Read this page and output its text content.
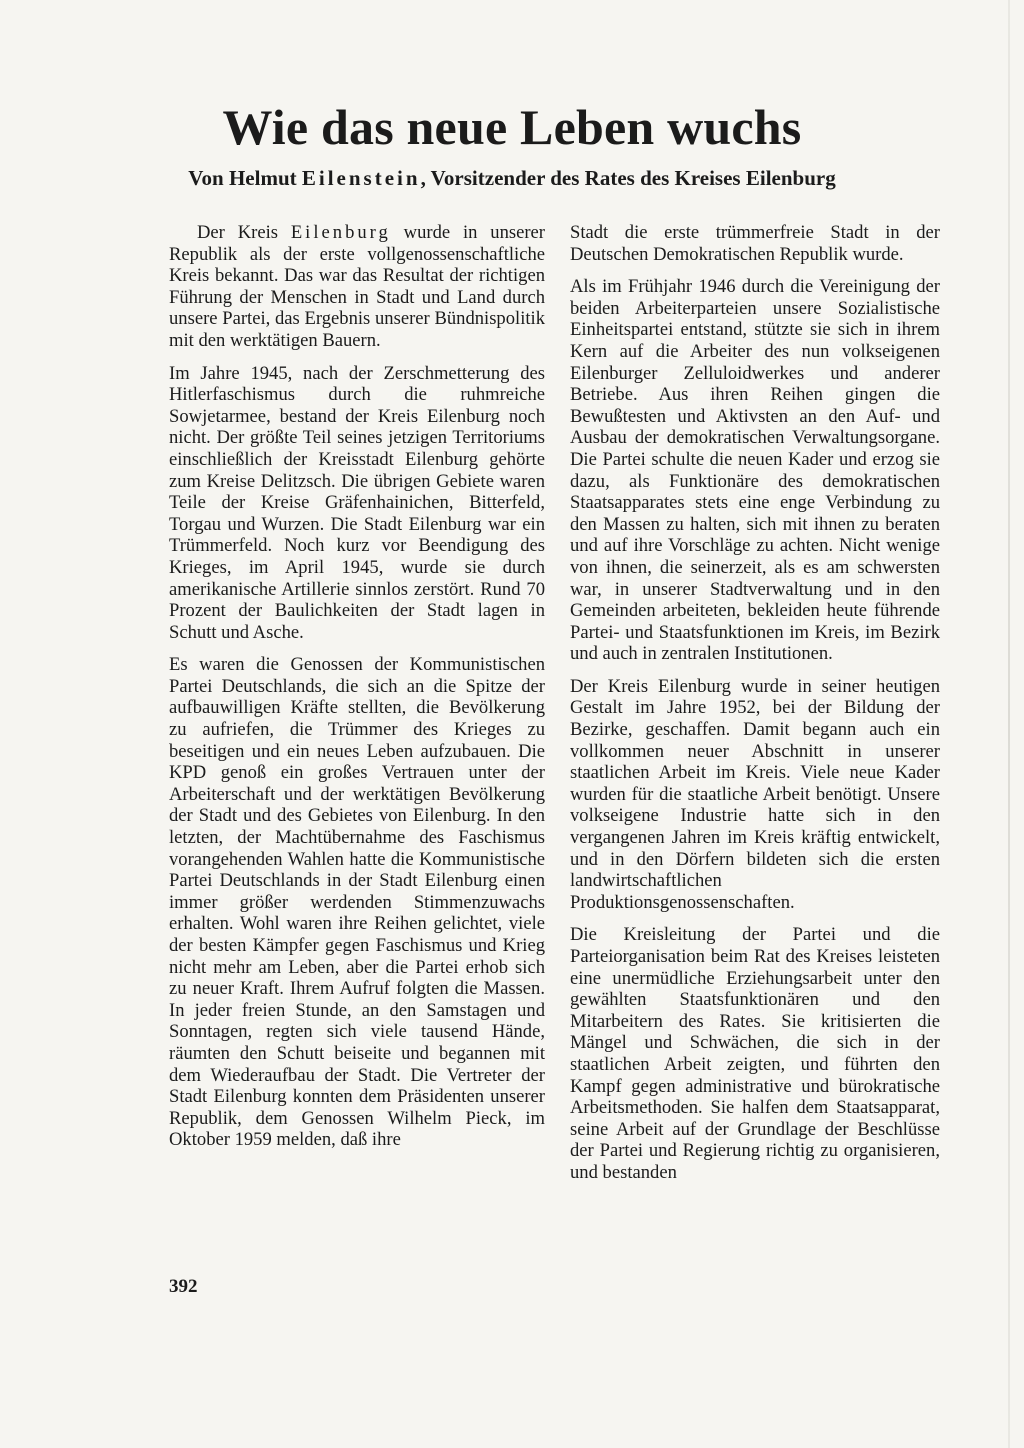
Wie das neue Leben wuchs

Von Helmut Eilenstein, Vorsitzender des Rates des Kreises Eilenburg

Der Kreis Eilenburg wurde in unserer Republik als der erste vollgenossenschaftliche Kreis bekannt. Das war das Resultat der richtigen Führung der Menschen in Stadt und Land durch unsere Partei, das Ergebnis unserer Bündnispolitik mit den werktätigen Bauern.

Im Jahre 1945, nach der Zerschmetterung des Hitlerfaschismus durch die ruhmreiche Sowjetarmee, bestand der Kreis Eilenburg noch nicht. Der größte Teil seines jetzigen Territoriums einschließlich der Kreisstadt Eilenburg gehörte zum Kreise Delitzsch. Die übrigen Gebiete waren Teile der Kreise Gräfenhainichen, Bitterfeld, Torgau und Wurzen. Die Stadt Eilenburg war ein Trümmerfeld. Noch kurz vor Beendigung des Krieges, im April 1945, wurde sie durch amerikanische Artillerie sinnlos zerstört. Rund 70 Prozent der Baulichkeiten der Stadt lagen in Schutt und Asche.

Es waren die Genossen der Kommunistischen Partei Deutschlands, die sich an die Spitze der aufbauwilligen Kräfte stellten, die Bevölkerung zu aufriefen, die Trümmer des Krieges zu beseitigen und ein neues Leben aufzubauen. Die KPD genoß ein großes Vertrauen unter der Arbeiterschaft und der werktätigen Bevölkerung der Stadt und des Gebietes von Eilenburg. In den letzten, der Machtübernahme des Faschismus vorangehenden Wahlen hatte die Kommunistische Partei Deutschlands in der Stadt Eilenburg einen immer größer werdenden Stimmenzuwachs erhalten. Wohl waren ihre Reihen gelichtet, viele der besten Kämpfer gegen Faschismus und Krieg nicht mehr am Leben, aber die Partei erhob sich zu neuer Kraft. Ihrem Aufruf folgten die Massen. In jeder freien Stunde, an den Samstagen und Sonntagen, regten sich viele tausend Hände, räumten den Schutt beiseite und begannen mit dem Wiederaufbau der Stadt. Die Vertreter der Stadt Eilenburg konnten dem Präsidenten unserer Republik, dem Genossen Wilhelm Pieck, im Oktober 1959 melden, daß ihre

Stadt die erste trümmerfreie Stadt in der Deutschen Demokratischen Republik wurde.

Als im Frühjahr 1946 durch die Vereinigung der beiden Arbeiterparteien unsere Sozialistische Einheitspartei entstand, stützte sie sich in ihrem Kern auf die Arbeiter des nun volkseigenen Eilenburger Zelluloidwerkes und anderer Betriebe. Aus ihren Reihen gingen die Bewußtesten und Aktivsten an den Auf- und Ausbau der demokratischen Verwaltungsorgane. Die Partei schulte die neuen Kader und erzog sie dazu, als Funktionäre des demokratischen Staatsapparates stets eine enge Verbindung zu den Massen zu halten, sich mit ihnen zu beraten und auf ihre Vorschläge zu achten. Nicht wenige von ihnen, die seinerzeit, als es am schwersten war, in unserer Stadtverwaltung und in den Gemeinden arbeiteten, bekleiden heute führende Partei- und Staatsfunktionen im Kreis, im Bezirk und auch in zentralen Institutionen.

Der Kreis Eilenburg wurde in seiner heutigen Gestalt im Jahre 1952, bei der Bildung der Bezirke, geschaffen. Damit begann auch ein vollkommen neuer Abschnitt in unserer staatlichen Arbeit im Kreis. Viele neue Kader wurden für die staatliche Arbeit benötigt. Unsere volkseigene Industrie hatte sich in den vergangenen Jahren im Kreis kräftig entwickelt, und in den Dörfern bildeten sich die ersten landwirtschaftlichen Produktionsgenossenschaften.

Die Kreisleitung der Partei und die Parteiorganisation beim Rat des Kreises leisteten eine unermüdliche Erziehungsarbeit unter den gewählten Staatsfunktionären und den Mitarbeitern des Rates. Sie kritisierten die Mängel und Schwächen, die sich in der staatlichen Arbeit zeigten, und führten den Kampf gegen administrative und bürokratische Arbeitsmethoden. Sie halfen dem Staatsapparat, seine Arbeit auf der Grundlage der Beschlüsse der Partei und Regierung richtig zu organisieren, und bestanden

392
